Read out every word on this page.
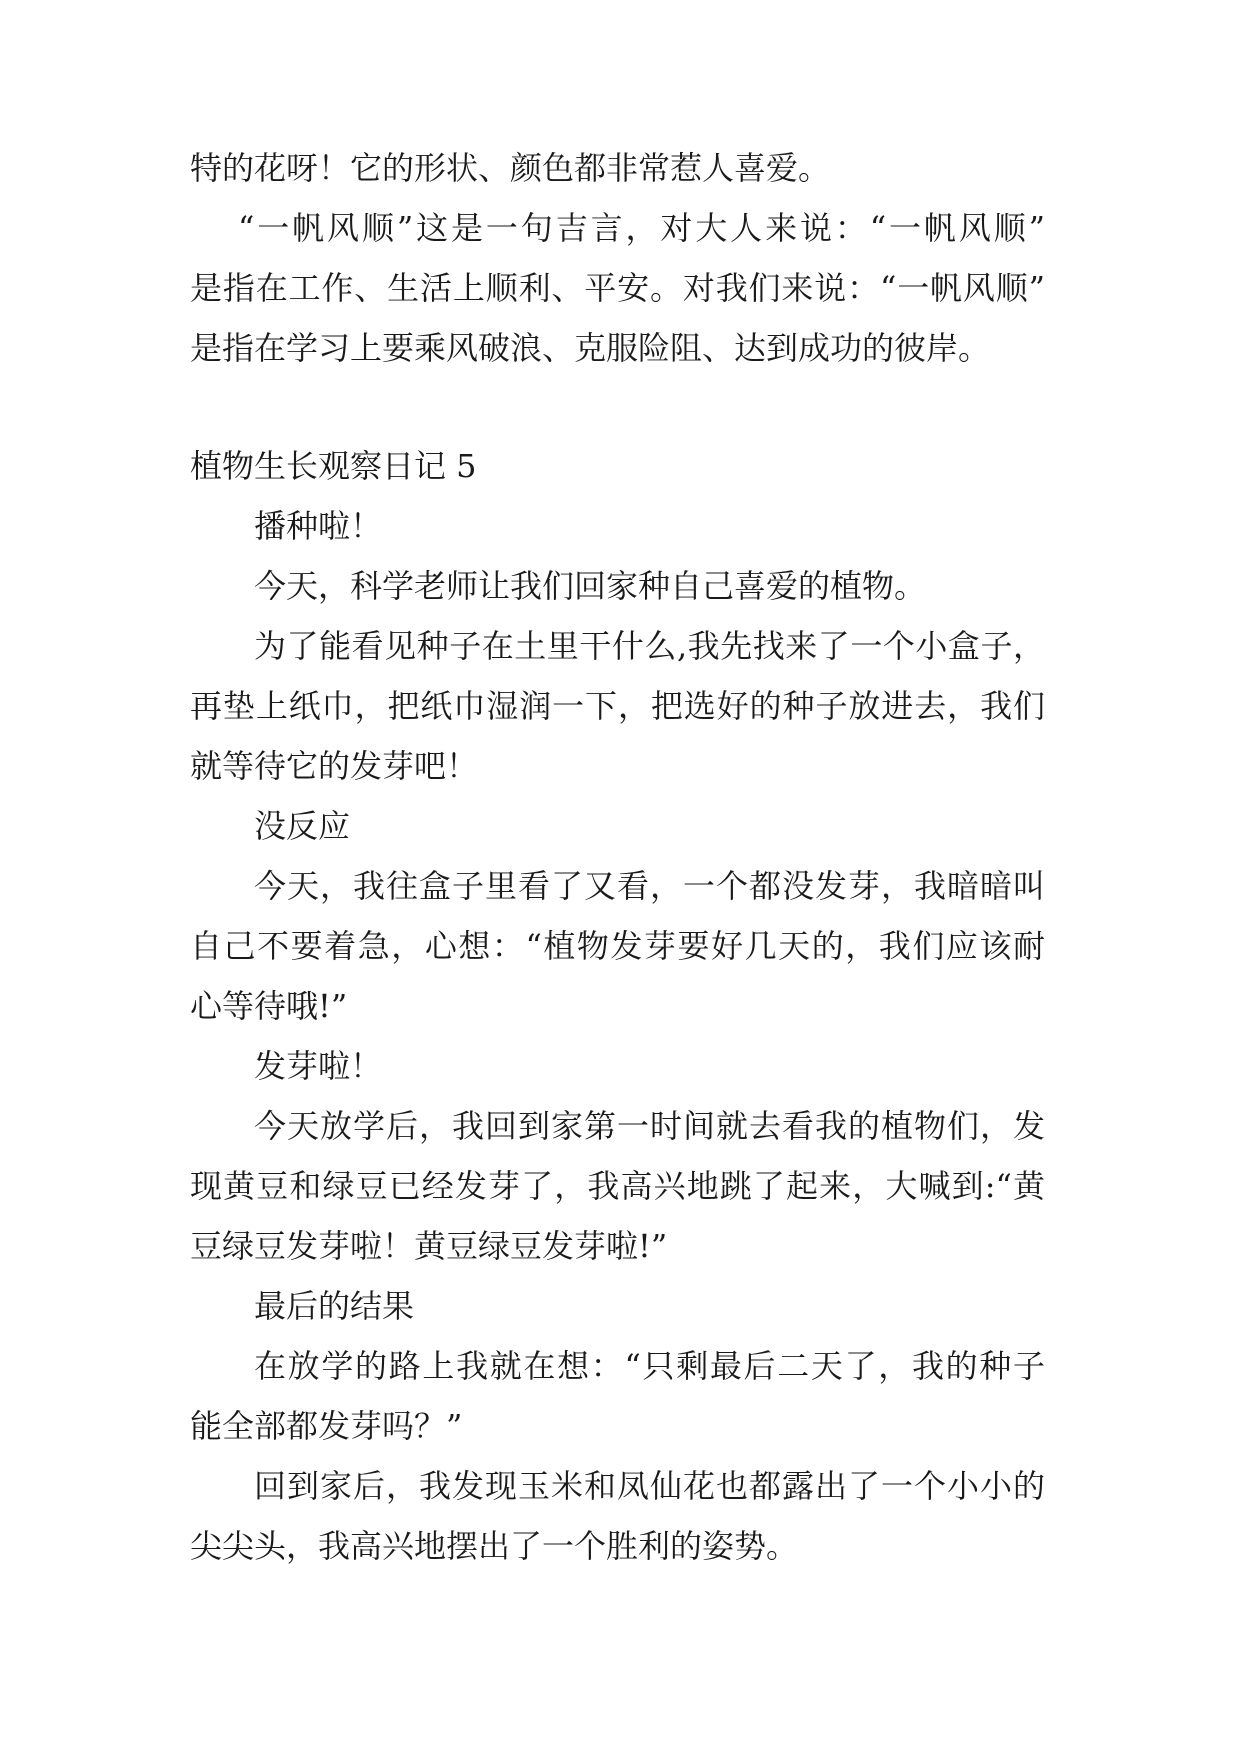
特的花呀！它的形状、颜色都非常惹人喜爱。
“一帆风顺”这是一句吉言，对大人来说：“一帆风顺”
是指在工作、生活上顺利、平安。对我们来说：“一帆风顺”
是指在学习上要乘风破浪、克服险阻、达到成功的彼岸。
植物生长观察日记 5
播种啦！
今天，科学老师让我们回家种自己喜爱的植物。
为了能看见种子在土里干什么,我先找来了一个小盒子，
再垫上纸巾，把纸巾湿润一下，把选好的种子放进去，我们
就等待它的发芽吧！
没反应
今天，我往盒子里看了又看，一个都没发芽，我暗暗叫
自己不要着急，心想：“植物发芽要好几天的，我们应该耐
心等待哦!”
发芽啦！
今天放学后，我回到家第一时间就去看我的植物们，发
现黄豆和绿豆已经发芽了，我高兴地跳了起来，大喊到:“黄
豆绿豆发芽啦！黄豆绿豆发芽啦!”
最后的结果
在放学的路上我就在想：“只剩最后二天了，我的种子
能全部都发芽吗？”
回到家后，我发现玉米和凤仙花也都露出了一个小小的
尖尖头，我高兴地摆出了一个胜利的姿势。
